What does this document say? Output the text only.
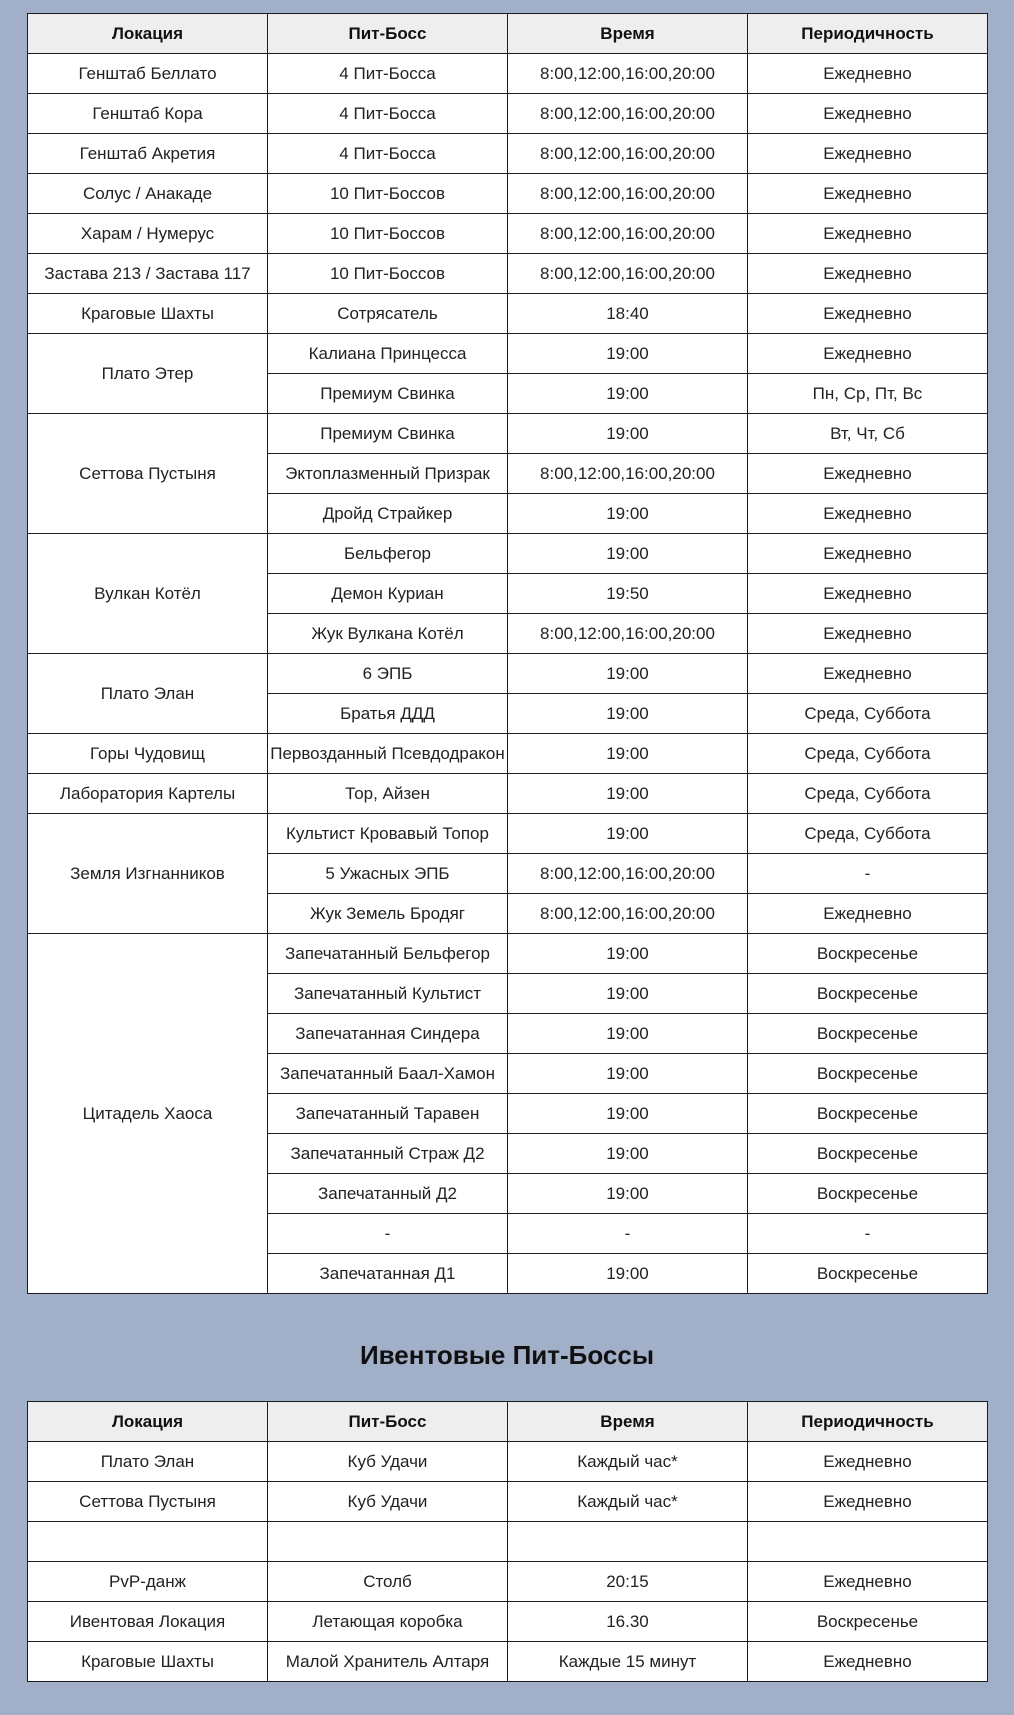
Локация	Пит-Босс	Время	Периодичность
Генштаб Беллато	4 Пит-Босса	8:00,12:00,16:00,20:00	Ежедневно
Генштаб Кора	4 Пит-Босса	8:00,12:00,16:00,20:00	Ежедневно
Генштаб Акретия	4 Пит-Босса	8:00,12:00,16:00,20:00	Ежедневно
Солус / Анакаде	10 Пит-Боссов	8:00,12:00,16:00,20:00	Ежедневно
Харам / Нумерус	10 Пит-Боссов	8:00,12:00,16:00,20:00	Ежедневно
Застава 213 / Застава 117	10 Пит-Боссов	8:00,12:00,16:00,20:00	Ежедневно
Краговые Шахты	Сотрясатель	18:40	Ежедневно
Плато Этер	Калиана Принцесса	19:00	Ежедневно
	Премиум Свинка	19:00	Пн, Ср, Пт, Вс
Сеттова Пустыня	Премиум Свинка	19:00	Вт, Чт, Сб
	Эктоплазменный Призрак	8:00,12:00,16:00,20:00	Ежедневно
	Дройд Страйкер	19:00	Ежедневно
Вулкан Котёл	Бельфегор	19:00	Ежедневно
	Демон Куриан	19:50	Ежедневно
	Жук Вулкана Котёл	8:00,12:00,16:00,20:00	Ежедневно
Плато Элан	6 ЭПБ	19:00	Ежедневно
	Братья ДДД	19:00	Среда, Суббота
Горы Чудовищ	Первозданный Псевдодракон	19:00	Среда, Суббота
Лаборатория Картелы	Тор, Айзен	19:00	Среда, Суббота
Земля Изгнанников	Культист Кровавый Топор	19:00	Среда, Суббота
	5 Ужасных ЭПБ	8:00,12:00,16:00,20:00	-
	Жук Земель Бродяг	8:00,12:00,16:00,20:00	Ежедневно
Цитадель Хаоса	Запечатанный Бельфегор	19:00	Воскресенье
	Запечатанный Культист	19:00	Воскресенье
	Запечатанная Синдера	19:00	Воскресенье
	Запечатанный Баал-Хамон	19:00	Воскресенье
	Запечатанный Таравен	19:00	Воскресенье
	Запечатанный Страж Д2	19:00	Воскресенье
	Запечатанный Д2	19:00	Воскресенье
	-	-	-
	Запечатанная Д1	19:00	Воскресенье
Ивентовые Пит-Боссы
Локация	Пит-Босс	Время	Периодичность
Плато Элан	Куб Удачи	Каждый час*	Ежедневно
Сеттова Пустыня	Куб Удачи	Каждый час*	Ежедневно

PvP-данж	Столб	20:15	Ежедневно
Ивентовая Локация	Летающая коробка	16.30	Воскресенье
Краговые Шахты	Малой Хранитель Алтаря	Каждые 15 минут	Ежедневно
